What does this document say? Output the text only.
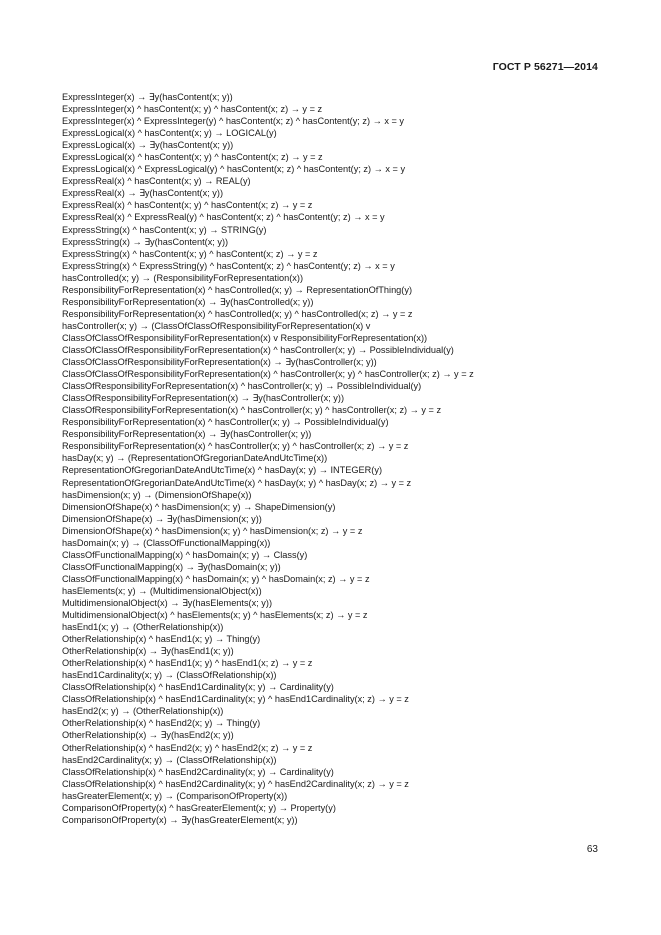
ГОСТ Р 56271—2014
ExpressInteger(x) → ∃y(hasContent(x; y))
ExpressInteger(x) ^ hasContent(x; y) ^ hasContent(x; z) → y = z
ExpressInteger(x) ^ ExpressInteger(y) ^ hasContent(x; z) ^ hasContent(y; z) → x = y
ExpressLogical(x) ^ hasContent(x; y) → LOGICAL(y)
ExpressLogical(x) → ∃y(hasContent(x; y))
ExpressLogical(x) ^ hasContent(x; y) ^ hasContent(x; z) → y = z
ExpressLogical(x) ^ ExpressLogical(y) ^ hasContent(x; z) ^ hasContent(y; z) → x = y
ExpressReal(x) ^ hasContent(x; y) → REAL(y)
ExpressReal(x) → ∃y(hasContent(x; y))
ExpressReal(x) ^ hasContent(x; y) ^ hasContent(x; z) → y = z
ExpressReal(x) ^ ExpressReal(y) ^ hasContent(x; z) ^ hasContent(y; z) → x = y
ExpressString(x) ^ hasContent(x; y) → STRING(y)
ExpressString(x) → ∃y(hasContent(x; y))
ExpressString(x) ^ hasContent(x; y) ^ hasContent(x; z) → y = z
ExpressString(x) ^ ExpressString(y) ^ hasContent(x; z) ^ hasContent(y; z) → x = y
hasControlled(x; y) → (ResponsibilityForRepresentation(x))
ResponsibilityForRepresentation(x) ^ hasControlled(x; y) → RepresentationOfThing(y)
ResponsibilityForRepresentation(x) → ∃y(hasControlled(x; y))
ResponsibilityForRepresentation(x) ^ hasControlled(x; y) ^ hasControlled(x; z) → y = z
hasController(x; y) → (ClassOfClassOfResponsibilityForRepresentation(x) v
ClassOfClassOfResponsibilityForRepresentation(x) v ResponsibilityForRepresentation(x))
ClassOfClassOfResponsibilityForRepresentation(x) ^ hasController(x; y) → PossibleIndividual(y)
ClassOfClassOfResponsibilityForRepresentation(x) → ∃y(hasController(x; y))
ClassOfClassOfResponsibilityForRepresentation(x) ^ hasController(x; y) ^ hasController(x; z) → y = z
ClassOfResponsibilityForRepresentation(x) ^ hasController(x; y) → PossibleIndividual(y)
ClassOfResponsibilityForRepresentation(x) → ∃y(hasController(x; y))
ClassOfResponsibilityForRepresentation(x) ^ hasController(x; y) ^ hasController(x; z) → y = z
ResponsibilityForRepresentation(x) ^ hasController(x; y) → PossibleIndividual(y)
ResponsibilityForRepresentation(x) → ∃y(hasController(x; y))
ResponsibilityForRepresentation(x) ^ hasController(x; y) ^ hasController(x; z) → y = z
hasDay(x; y) → (RepresentationOfGregorianDateAndUtcTime(x))
RepresentationOfGregorianDateAndUtcTime(x) ^ hasDay(x; y) → INTEGER(y)
RepresentationOfGregorianDateAndUtcTime(x) ^ hasDay(x; y) ^ hasDay(x; z) → y = z
hasDimension(x; y) → (DimensionOfShape(x))
DimensionOfShape(x) ^ hasDimension(x; y) → ShapeDimension(y)
DimensionOfShape(x) → ∃y(hasDimension(x; y))
DimensionOfShape(x) ^ hasDimension(x; y) ^ hasDimension(x; z) → y = z
hasDomain(x; y) → (ClassOfFunctionalMapping(x))
ClassOfFunctionalMapping(x) ^ hasDomain(x; y) → Class(y)
ClassOfFunctionalMapping(x) → ∃y(hasDomain(x; y))
ClassOfFunctionalMapping(x) ^ hasDomain(x; y) ^ hasDomain(x; z) → y = z
hasElements(x; y) → (MultidimensionalObject(x))
MultidimensionalObject(x) → ∃y(hasElements(x; y))
MultidimensionalObject(x) ^ hasElements(x; y) ^ hasElements(x; z) → y = z
hasEnd1(x; y) → (OtherRelationship(x))
OtherRelationship(x) ^ hasEnd1(x; y) → Thing(y)
OtherRelationship(x) → ∃y(hasEnd1(x; y))
OtherRelationship(x) ^ hasEnd1(x; y) ^ hasEnd1(x; z) → y = z
hasEnd1Cardinality(x; y) → (ClassOfRelationship(x))
ClassOfRelationship(x) ^ hasEnd1Cardinality(x; y) → Cardinality(y)
ClassOfRelationship(x) ^ hasEnd1Cardinality(x; y) ^ hasEnd1Cardinality(x; z) → y = z
hasEnd2(x; y) → (OtherRelationship(x))
OtherRelationship(x) ^ hasEnd2(x; y) → Thing(y)
OtherRelationship(x) → ∃y(hasEnd2(x; y))
OtherRelationship(x) ^ hasEnd2(x; y) ^ hasEnd2(x; z) → y = z
hasEnd2Cardinality(x; y) → (ClassOfRelationship(x))
ClassOfRelationship(x) ^ hasEnd2Cardinality(x; y) → Cardinality(y)
ClassOfRelationship(x) ^ hasEnd2Cardinality(x; y) ^ hasEnd2Cardinality(x; z) → y = z
hasGreaterElement(x; y) → (ComparisonOfProperty(x))
ComparisonOfProperty(x) ^ hasGreaterElement(x; y) → Property(y)
ComparisonOfProperty(x) → ∃y(hasGreaterElement(x; y))
63
